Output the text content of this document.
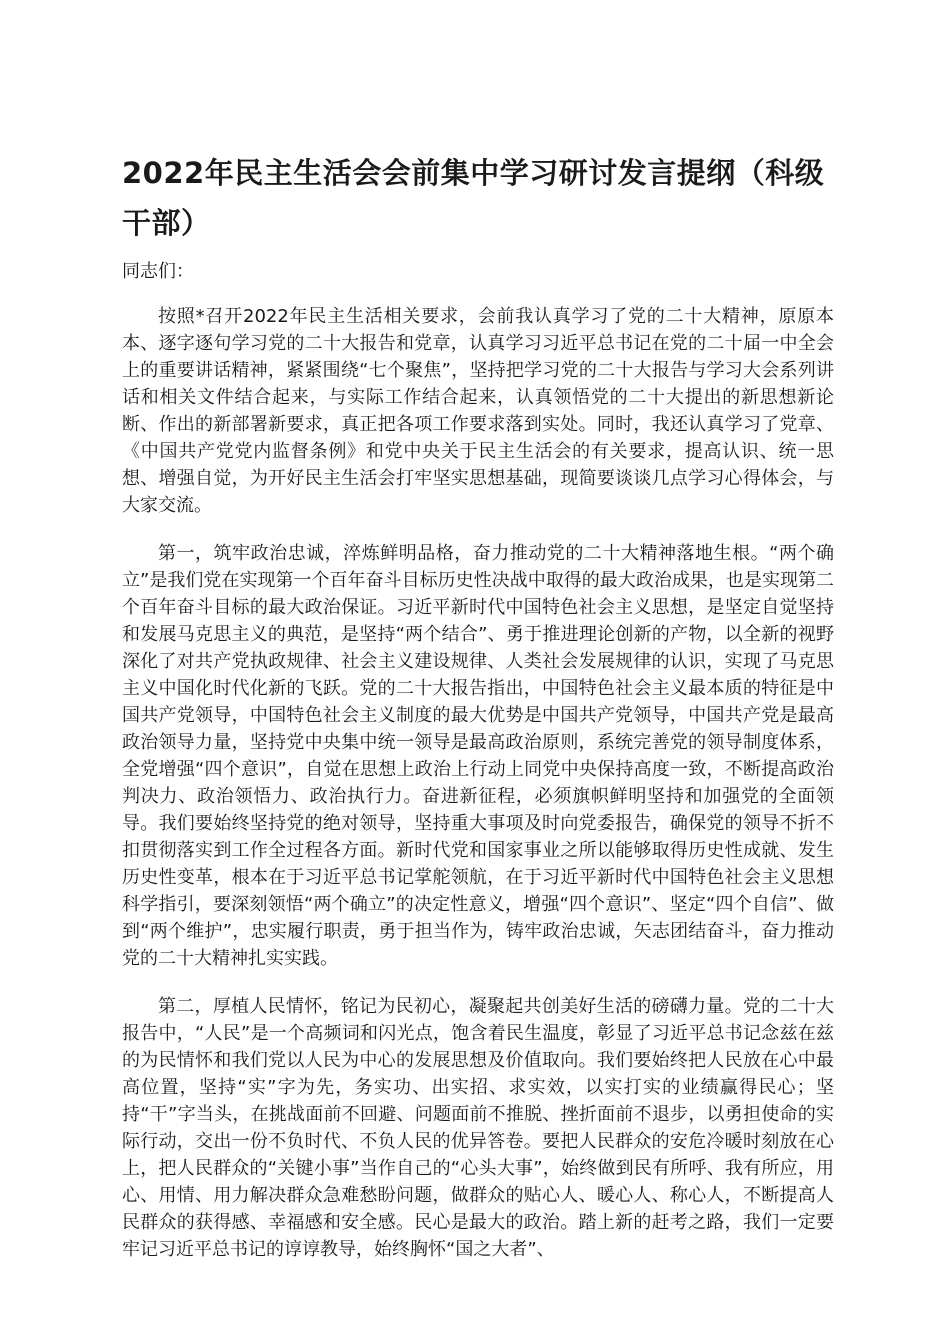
2022年民主生活会会前集中学习研讨发言提纲（科级干部）

同志们：

按照*召开2022年民主生活相关要求，会前我认真学习了党的二十大精神，原原本本、逐字逐句学习党的二十大报告和党章，认真学习习近平总书记在党的二十届一中全会上的重要讲话精神，紧紧围绕“七个聚焦”，坚持把学习党的二十大报告与学习大会系列讲话和相关文件结合起来，与实际工作结合起来，认真领悟党的二十大提出的新思想新论断、作出的新部署新要求，真正把各项工作要求落到实处。同时，我还认真学习了党章、《中国共产党党内监督条例》和党中央关于民主生活会的有关要求，提高认识、统一思想、增强自觉，为开好民主生活会打牢坚实思想基础，现简要谈谈几点学习心得体会，与大家交流。

第一，筑牢政治忠诚，淬炼鲜明品格，奋力推动党的二十大精神落地生根。“两个确立”是我们党在实现第一个百年奋斗目标历史性决战中取得的最大政治成果，也是实现第二个百年奋斗目标的最大政治保证。习近平新时代中国特色社会主义思想，是坚定自觉坚持和发展马克思主义的典范，是坚持“两个结合”、勇于推进理论创新的产物，以全新的视野深化了对共产党执政规律、社会主义建设规律、人类社会发展规律的认识，实现了马克思主义中国化时代化新的飞跃。党的二十大报告指出，中国特色社会主义最本质的特征是中国共产党领导，中国特色社会主义制度的最大优势是中国共产党领导，中国共产党是最高政治领导力量，坚持党中央集中统一领导是最高政治原则，系统完善党的领导制度体系，全党增强“四个意识”，自觉在思想上政治上行动上同党中央保持高度一致，不断提高政治判决力、政治领悟力、政治执行力。奋进新征程，必须旗帜鲜明坚持和加强党的全面领导。我们要始终坚持党的绝对领导，坚持重大事项及时向党委报告，确保党的领导不折不扣贯彻落实到工作全过程各方面。新时代党和国家事业之所以能够取得历史性成就、发生历史性变革，根本在于习近平总书记掌舵领航，在于习近平新时代中国特色社会主义思想科学指引，要深刻领悟“两个确立”的决定性意义，增强“四个意识”、坚定“四个自信”、做到“两个维护”，忠实履行职责，勇于担当作为，铸牢政治忠诚，矢志团结奋斗，奋力推动党的二十大精神扎实实践。

第二，厚植人民情怀，铭记为民初心，凝聚起共创美好生活的磅礴力量。党的二十大报告中，“人民”是一个高频词和闪光点，饱含着民生温度，彰显了习近平总书记念兹在兹的为民情怀和我们党以人民为中心的发展思想及价值取向。我们要始终把人民放在心中最高位置，坚持“实”字为先，务实功、出实招、求实效，以实打实的业绩赢得民心；坚持“干”字当头，在挑战面前不回避、问题面前不推脱、挫折面前不退步，以勇担使命的实际行动，交出一份不负时代、不负人民的优异答卷。要把人民群众的安危冷暖时刻放在心上，把人民群众的“关键小事”当作自己的“心头大事”，始终做到民有所呼、我有所应，用心、用情、用力解决群众急难愁盼问题，做群众的贴心人、暖心人、称心人，不断提高人民群众的获得感、幸福感和安全感。民心是最大的政治。踏上新的赶考之路，我们一定要牢记习近平总书记的谆谆教导，始终胸怀“国之大者”、
